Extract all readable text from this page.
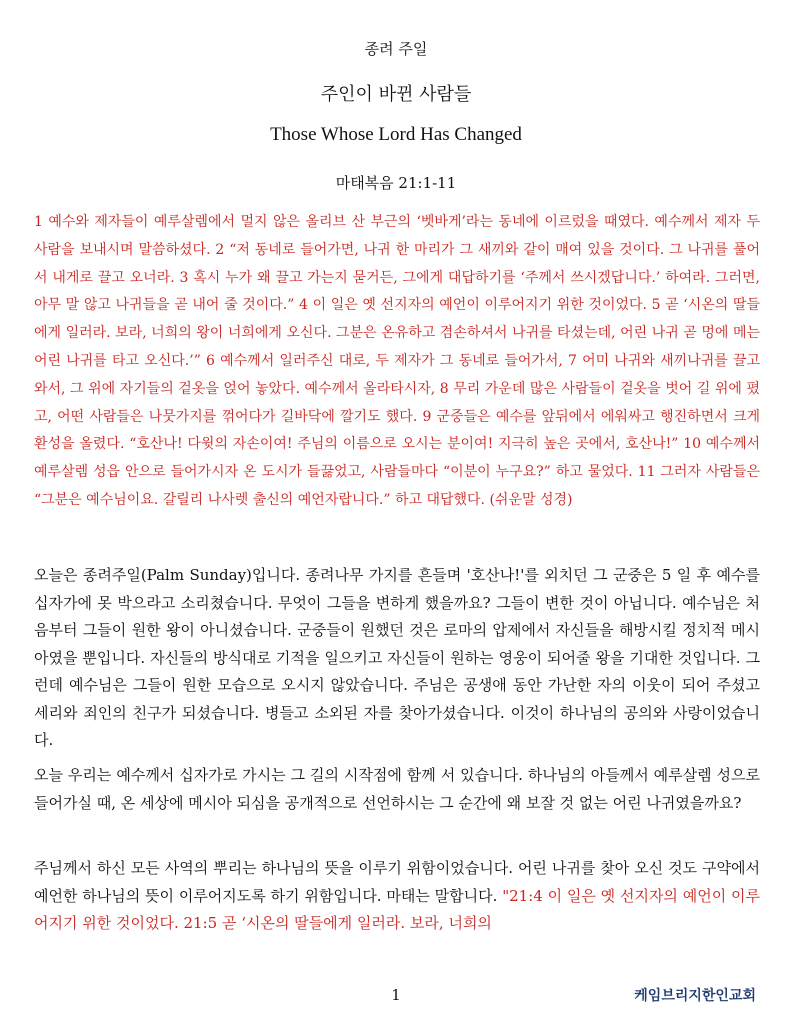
종려 주일
주인이 바뀐 사람들
Those Whose Lord Has Changed
마태복음 21:1-11

1 예수와 제자들이 예루살렘에서 멀지 않은 올리브 산 부근의 ‘벳바게’라는 동네에 이르렀을 때였다. 예수께서 제자 두 사람을 보내시며 말씀하셨다. 2 “저 동네로 들어가면, 나귀 한 마리가 그 새끼와 같이 매여 있을 것이다. 그 나귀를 풀어서 내게로 끌고 오너라. 3 혹시 누가 왜 끌고 가는지 묻거든, 그에게 대답하기를 ‘주께서 쓰시겠답니다.’ 하여라. 그러면, 아무 말 않고 나귀들을 곧 내어 줄 것이다.” 4 이 일은 옛 선지자의 예언이 이루어지기 위한 것이었다. 5 곧 ‘시온의 딸들에게 일러라. 보라, 너희의 왕이 너희에게 오신다. 그분은 온유하고 겸손하셔서 나귀를 타셨는데, 어린 나귀 곧 멍에 메는 어린 나귀를 타고 오신다.’” 6 예수께서 일러주신 대로, 두 제자가 그 동네로 들어가서, 7 어미 나귀와 새끼나귀를 끌고 와서, 그 위에 자기들의 겉옷을 얹어 놓았다. 예수께서 올라타시자, 8 무리 가운데 많은 사람들이 겉옷을 벗어 길 위에 폈고, 어떤 사람들은 나뭇가지를 꺾어다가 길바닥에 깔기도 했다. 9 군중들은 예수를 앞뒤에서 에워싸고 행진하면서 크게 환성을 올렸다. “호산나! 다윗의 자손이여! 주님의 이름으로 오시는 분이여! 지극히 높은 곳에서, 호산나!” 10 예수께서 예루살렘 성읍 안으로 들어가시자 온 도시가 들끓었고, 사람들마다 “이분이 누구요?” 하고 물었다. 11 그러자 사람들은 “그분은 예수님이요. 갈릴리 나사렛 출신의 예언자랍니다.” 하고 대답했다. (쉬운말 성경)

오늘은 종려주일(Palm Sunday)입니다. 종려나무 가지를 흔들며 '호산나!'를 외치던 그 군중은 5 일 후 예수를 십자가에 못 박으라고 소리쳤습니다. 무엇이 그들을 변하게 했을까요? 그들이 변한 것이 아닙니다. 예수님은 처음부터 그들이 원한 왕이 아니셨습니다. 군중들이 원했던 것은 로마의 압제에서 자신들을 해방시킬 정치적 메시아였을 뿐입니다. 자신들의 방식대로 기적을 일으키고 자신들이 원하는 영웅이 되어줄 왕을 기대한 것입니다. 그런데 예수님은 그들이 원한 모습으로 오시지 않았습니다. 주님은 공생애 동안 가난한 자의 이웃이 되어 주셨고 세리와 죄인의 친구가 되셨습니다. 병들고 소외된 자를 찾아가셨습니다. 이것이 하나님의 공의와 사랑이었습니다.

오늘 우리는 예수께서 십자가로 가시는 그 길의 시작점에 함께 서 있습니다. 하나님의 아들께서 예루살렘 성으로 들어가실 때, 온 세상에 메시아 되심을 공개적으로 선언하시는 그 순간에 왜 보잘 것 없는 어린 나귀였을까요?

주님께서 하신 모든 사역의 뿌리는 하나님의 뜻을 이루기 위함이었습니다. 어린 나귀를 찾아 오신 것도 구약에서 예언한 하나님의 뜻이 이루어지도록 하기 위함입니다. 마태는 말합니다. "21:4 이 일은 옛 선지자의 예언이 이루어지기 위한 것이었다. 21:5 곧 ‘시온의 딸들에게 일러라. 보라, 너희의

1	케임브리지한인교회
